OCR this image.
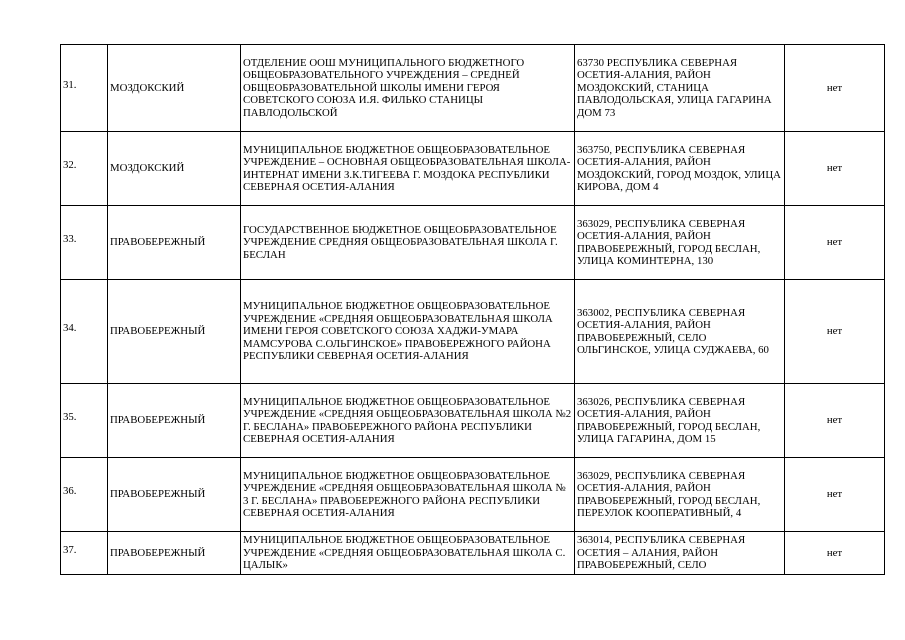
31.	МОЗДОКСКИЙ	ОТДЕЛЕНИЕ ООШ МУНИЦИПАЛЬНОГО БЮДЖЕТНОГО ОБЩЕОБРАЗОВАТЕЛЬНОГО УЧРЕЖДЕНИЯ – СРЕДНЕЙ ОБЩЕОБРАЗОВАТЕЛЬНОЙ ШКОЛЫ ИМЕНИ ГЕРОЯ СОВЕТСКОГО СОЮЗА И.Я. ФИЛЬКО СТАНИЦЫ ПАВЛОДОЛЬСКОЙ	63730 РЕСПУБЛИКА СЕВЕРНАЯ ОСЕТИЯ-АЛАНИЯ, РАЙОН МОЗДОКСКИЙ, СТАНИЦА ПАВЛОДОЛЬСКАЯ, УЛИЦА ГАГАРИНА ДОМ 73	нет
32.	МОЗДОКСКИЙ	МУНИЦИПАЛЬНОЕ БЮДЖЕТНОЕ ОБЩЕОБРАЗОВАТЕЛЬНОЕ УЧРЕЖДЕНИЕ – ОСНОВНАЯ ОБЩЕОБРАЗОВАТЕЛЬНАЯ ШКОЛА-ИНТЕРНАТ ИМЕНИ З.К.ТИГЕЕВА Г. МОЗДОКА РЕСПУБЛИКИ СЕВЕРНАЯ ОСЕТИЯ-АЛАНИЯ	363750, РЕСПУБЛИКА СЕВЕРНАЯ ОСЕТИЯ-АЛАНИЯ, РАЙОН МОЗДОКСКИЙ, ГОРОД МОЗДОК, УЛИЦА КИРОВА, ДОМ 4	нет
33.	ПРАВОБЕРЕЖНЫЙ	ГОСУДАРСТВЕННОЕ БЮДЖЕТНОЕ ОБЩЕОБРАЗОВАТЕЛЬНОЕ УЧРЕЖДЕНИЕ СРЕДНЯЯ ОБЩЕОБРАЗОВАТЕЛЬНАЯ ШКОЛА Г. БЕСЛАН	363029, РЕСПУБЛИКА СЕВЕРНАЯ ОСЕТИЯ-АЛАНИЯ, РАЙОН ПРАВОБЕРЕЖНЫЙ, ГОРОД БЕСЛАН, УЛИЦА КОМИНТЕРНА, 130	нет
34.	ПРАВОБЕРЕЖНЫЙ	МУНИЦИПАЛЬНОЕ БЮДЖЕТНОЕ ОБЩЕОБРАЗОВАТЕЛЬНОЕ УЧРЕЖДЕНИЕ «СРЕДНЯЯ ОБЩЕОБРАЗОВАТЕЛЬНАЯ ШКОЛА ИМЕНИ ГЕРОЯ СОВЕТСКОГО СОЮЗА ХАДЖИ-УМАРА МАМСУРОВА С.ОЛЬГИНСКОЕ» ПРАВОБЕРЕЖНОГО РАЙОНА РЕСПУБЛИКИ СЕВЕРНАЯ ОСЕТИЯ-АЛАНИЯ	363002, РЕСПУБЛИКА СЕВЕРНАЯ ОСЕТИЯ-АЛАНИЯ, РАЙОН ПРАВОБЕРЕЖНЫЙ, СЕЛО ОЛЬГИНСКОЕ, УЛИЦА СУДЖАЕВА, 60	нет
35.	ПРАВОБЕРЕЖНЫЙ	МУНИЦИПАЛЬНОЕ БЮДЖЕТНОЕ ОБЩЕОБРАЗОВАТЕЛЬНОЕ УЧРЕЖДЕНИЕ «СРЕДНЯЯ ОБЩЕОБРАЗОВАТЕЛЬНАЯ ШКОЛА №2 Г. БЕСЛАНА» ПРАВОБЕРЕЖНОГО РАЙОНА РЕСПУБЛИКИ СЕВЕРНАЯ ОСЕТИЯ-АЛАНИЯ	363026, РЕСПУБЛИКА СЕВЕРНАЯ ОСЕТИЯ-АЛАНИЯ, РАЙОН ПРАВОБЕРЕЖНЫЙ, ГОРОД БЕСЛАН, УЛИЦА ГАГАРИНА, ДОМ 15	нет
36.	ПРАВОБЕРЕЖНЫЙ	МУНИЦИПАЛЬНОЕ БЮДЖЕТНОЕ ОБЩЕОБРАЗОВАТЕЛЬНОЕ УЧРЕЖДЕНИЕ «СРЕДНЯЯ ОБЩЕОБРАЗОВАТЕЛЬНАЯ ШКОЛА № 3 Г. БЕСЛАНА» ПРАВОБЕРЕЖНОГО РАЙОНА РЕСПУБЛИКИ СЕВЕРНАЯ ОСЕТИЯ-АЛАНИЯ	363029, РЕСПУБЛИКА СЕВЕРНАЯ ОСЕТИЯ-АЛАНИЯ, РАЙОН ПРАВОБЕРЕЖНЫЙ, ГОРОД БЕСЛАН, ПЕРЕУЛОК КООПЕРАТИВНЫЙ, 4	нет
37.	ПРАВОБЕРЕЖНЫЙ	МУНИЦИПАЛЬНОЕ БЮДЖЕТНОЕ ОБЩЕОБРАЗОВАТЕЛЬНОЕ УЧРЕЖДЕНИЕ «СРЕДНЯЯ ОБЩЕОБРАЗОВАТЕЛЬНАЯ ШКОЛА С. ЦАЛЫК»	363014, РЕСПУБЛИКА СЕВЕРНАЯ ОСЕТИЯ – АЛАНИЯ, РАЙОН ПРАВОБЕРЕЖНЫЙ, СЕЛО	нет
